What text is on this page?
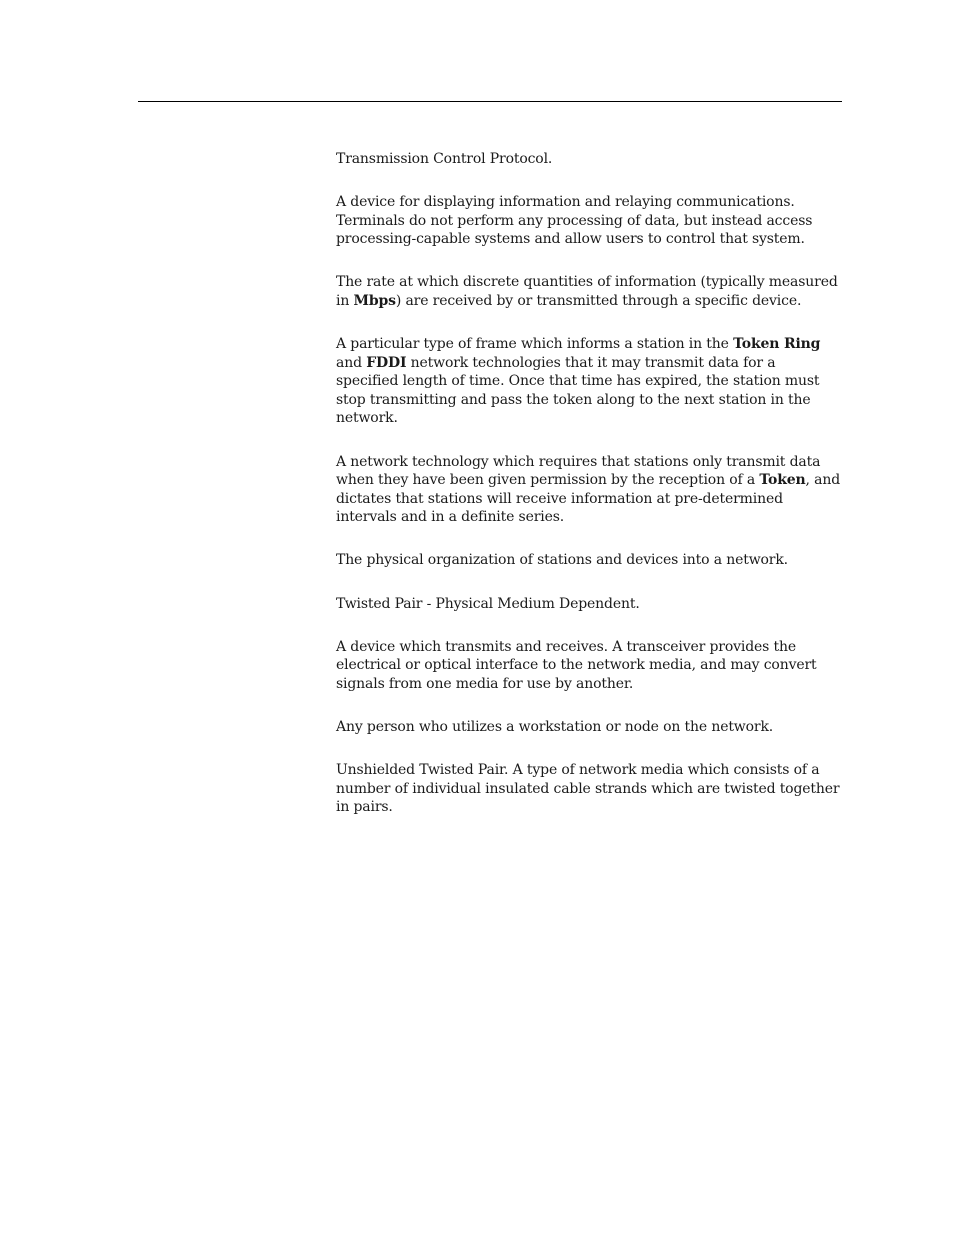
Transmission Control Protocol.
A device for displaying information and relaying communications. Terminals do not perform any processing of data, but instead access processing-capable systems and allow users to control that system.
The rate at which discrete quantities of information (typically measured in Mbps) are received by or transmitted through a specific device.
A particular type of frame which informs a station in the Token Ring and FDDI network technologies that it may transmit data for a specified length of time. Once that time has expired, the station must stop transmitting and pass the token along to the next station in the network.
A network technology which requires that stations only transmit data when they have been given permission by the reception of a Token, and dictates that stations will receive information at pre-determined intervals and in a definite series.
The physical organization of stations and devices into a network.
Twisted Pair - Physical Medium Dependent.
A device which transmits and receives. A transceiver provides the electrical or optical interface to the network media, and may convert signals from one media for use by another.
Any person who utilizes a workstation or node on the network.
Unshielded Twisted Pair. A type of network media which consists of a number of individual insulated cable strands which are twisted together in pairs.
